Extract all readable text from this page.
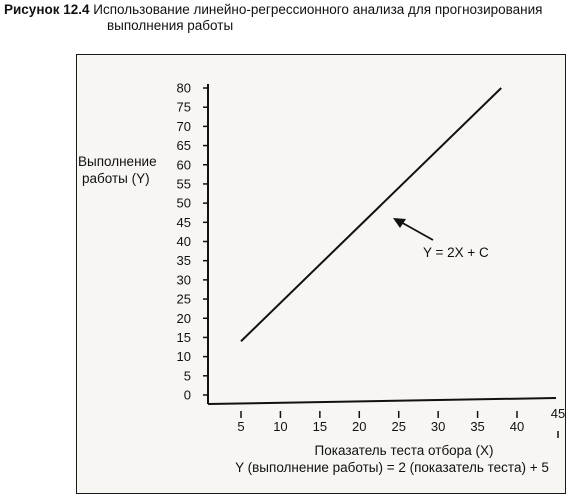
Рисунок 12.4 Использование линейно-регрессионного анализа для прогнозирования
выполнения работы
0
5
10
15
20
25
30
35
40
45
50
55
60
65
70
75
80
5 10 15 20 25 30 35 40
45
Выполнение
работы (Y)
Показатель теста отбора (X)
Y = 2X + C
Y (выполнение работы) = 2 (показатель теста) + 5
